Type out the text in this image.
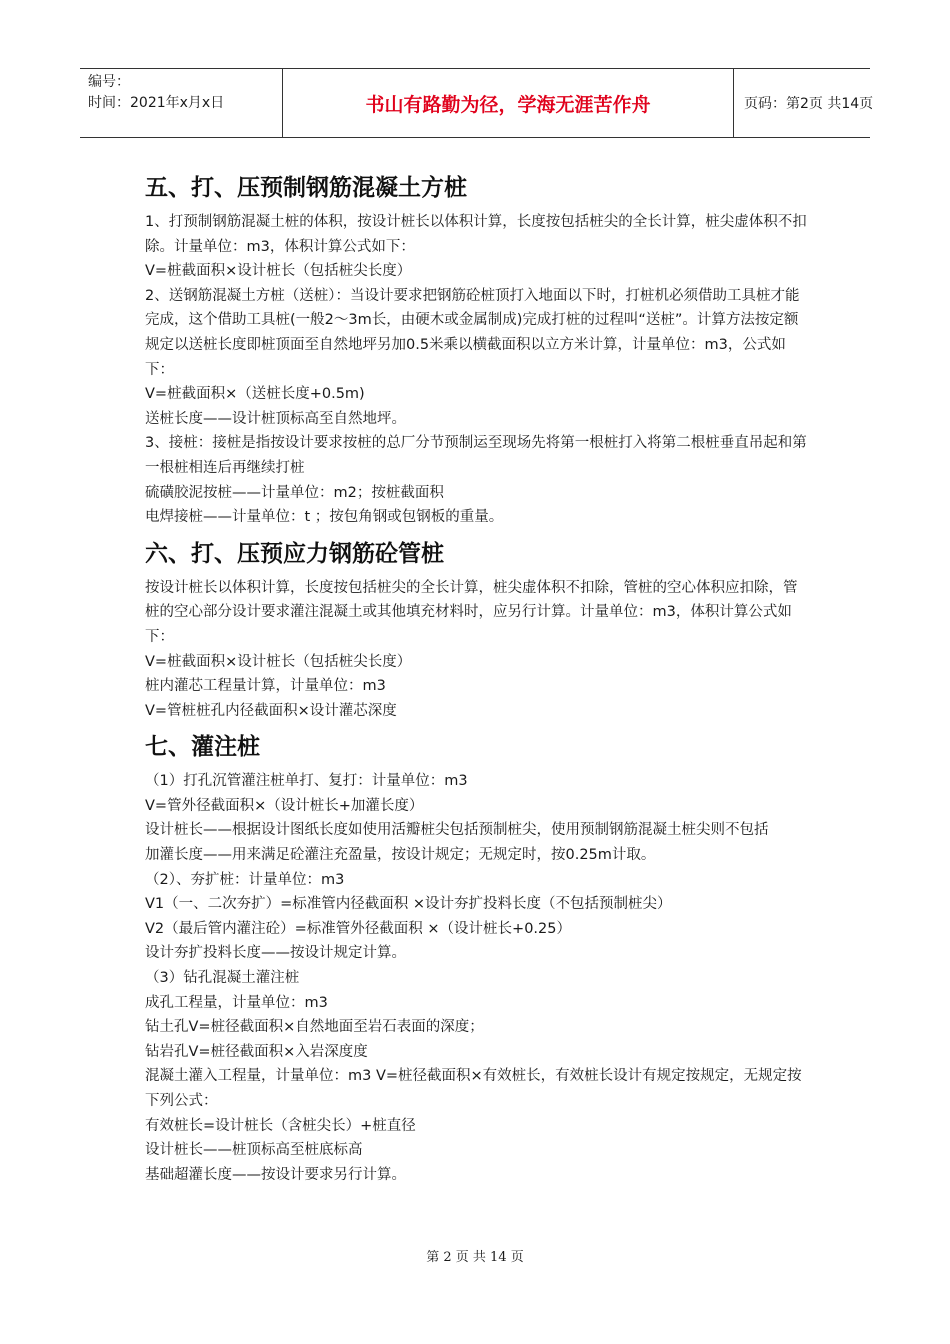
编号：
时间：2021年x月x日	书山有路勤为径，学海无涯苦作舟	页码：第2页 共14页
五、打、压预制钢筋混凝土方桩

1、打预制钢筋混凝土桩的体积，按设计桩长以体积计算，长度按包括桩尖的全长计算，桩尖虚体积不扣除。计量单位：m3，体积计算公式如下：

V=桩截面积×设计桩长（包括桩尖长度）

2、送钢筋混凝土方桩（送桩）：当设计要求把钢筋砼桩顶打入地面以下时，打桩机必须借助工具桩才能完成，这个借助工具桩(一般2～3m长，由硬木或金属制成)完成打桩的过程叫“送桩”。计算方法按定额规定以送桩长度即桩顶面至自然地坪另加0.5米乘以横截面积以立方米计算，计量单位：m3，公式如下：

V=桩截面积×（送桩长度+0.5m)

送桩长度——设计桩顶标高至自然地坪。

3、接桩：接桩是指按设计要求按桩的总厂分节预制运至现场先将第一根桩打入将第二根桩垂直吊起和第一根桩相连后再继续打桩

硫磺胶泥按桩——计量单位：m2；按桩截面积

电焊接桩——计量单位：t ；按包角钢或包钢板的重量。

六、打、压预应力钢筋砼管桩

按设计桩长以体积计算，长度按包括桩尖的全长计算，桩尖虚体积不扣除，管桩的空心体积应扣除，管桩的空心部分设计要求灌注混凝土或其他填充材料时，应另行计算。计量单位：m3，体积计算公式如下：

V=桩截面积×设计桩长（包括桩尖长度）

桩内灌芯工程量计算，计量单位：m3

V=管桩桩孔内径截面积×设计灌芯深度

七、灌注桩

（1）打孔沉管灌注桩单打、复打：计量单位：m3

V=管外径截面积×（设计桩长+加灌长度）

设计桩长——根据设计图纸长度如使用活瓣桩尖包括预制桩尖，使用预制钢筋混凝土桩尖则不包括

加灌长度——用来满足砼灌注充盈量，按设计规定；无规定时，按0.25m计取。

（2）、夯扩桩：计量单位：m3

V1（一、二次夯扩）=标准管内径截面积 ×设计夯扩投料长度（不包括预制桩尖）

V2（最后管内灌注砼）=标准管外径截面积 ×（设计桩长+0.25）

设计夯扩投料长度——按设计规定计算。

（3）钻孔混凝土灌注桩

成孔工程量，计量单位：m3

钻土孔V=桩径截面积×自然地面至岩石表面的深度；

钻岩孔V=桩径截面积×入岩深度度

混凝土灌入工程量，计量单位：m3 V=桩径截面积×有效桩长，有效桩长设计有规定按规定，无规定按下列公式：

有效桩长=设计桩长（含桩尖长）+桩直径

设计桩长——桩顶标高至桩底标高

基础超灌长度——按设计要求另行计算。

第 2 页 共 14 页
